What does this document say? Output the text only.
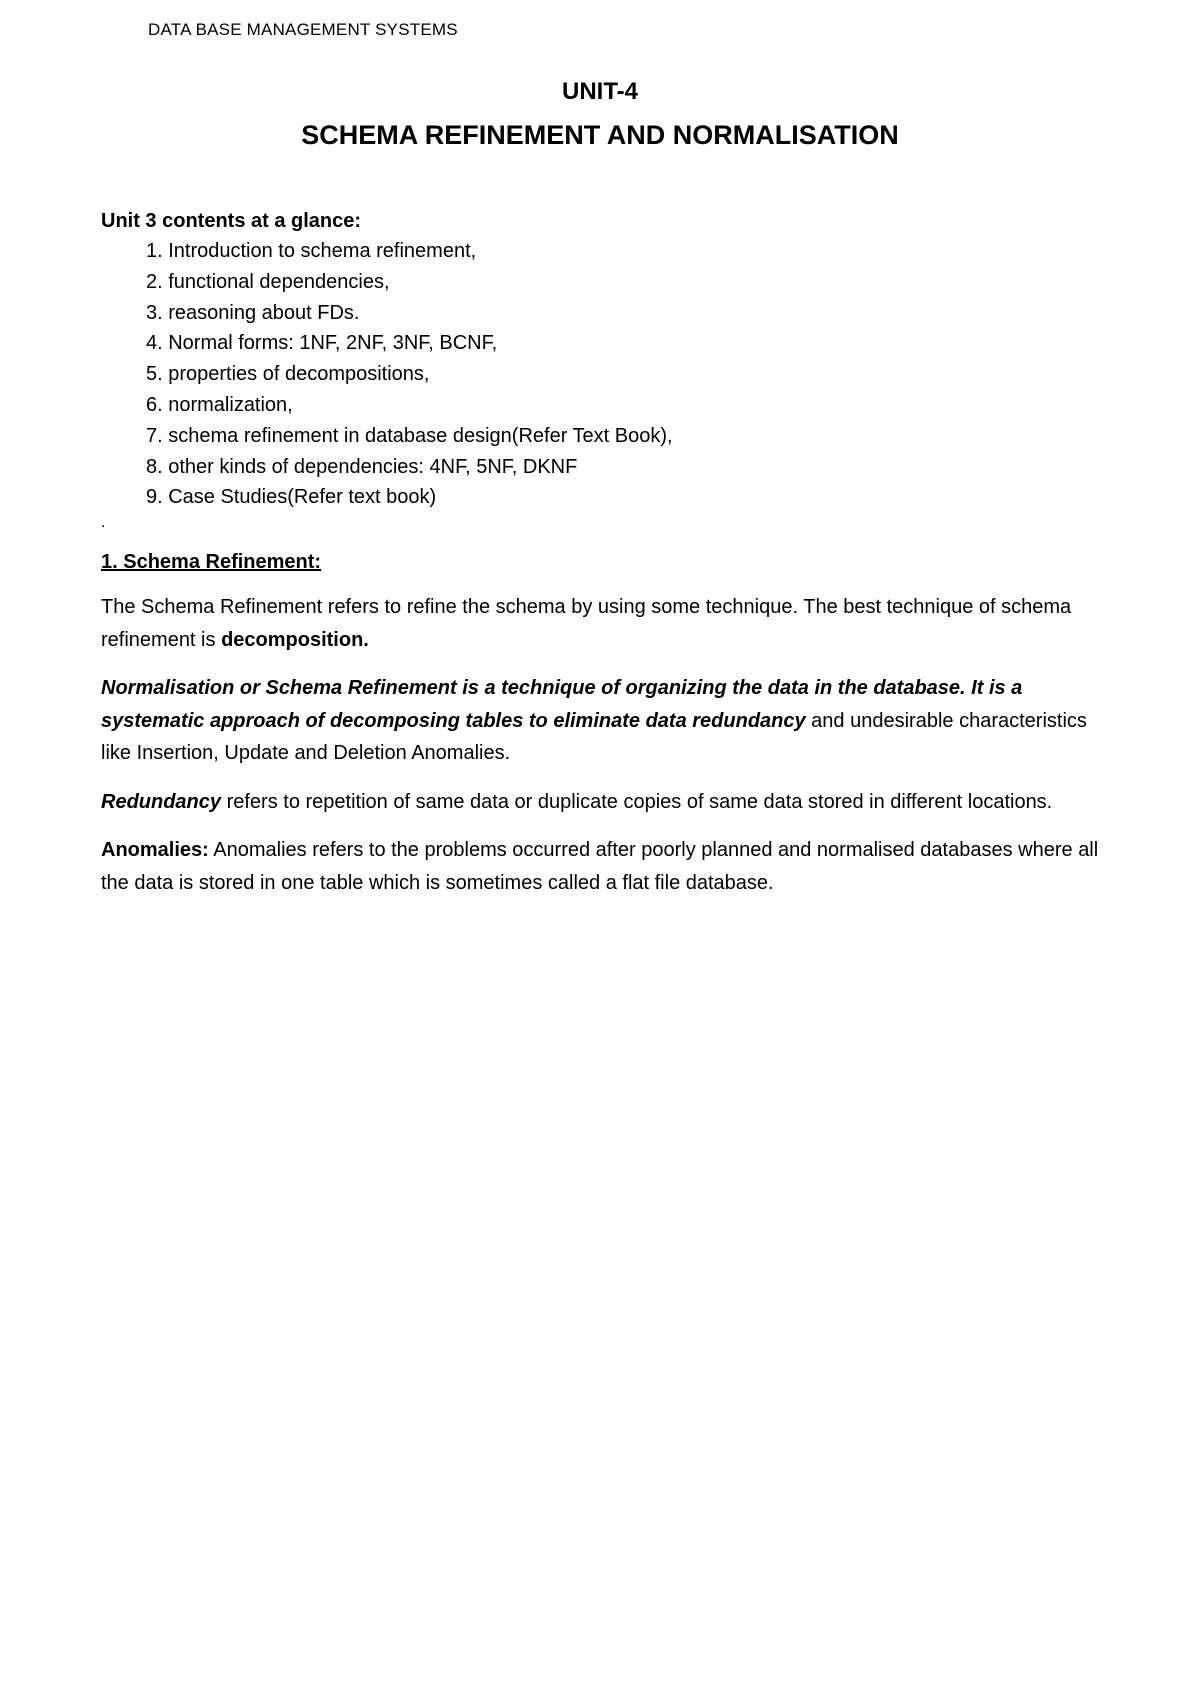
DATA BASE MANAGEMENT SYSTEMS
UNIT-4
SCHEMA REFINEMENT AND NORMALISATION
Unit 3 contents at a glance:
1. Introduction to schema refinement,
2. functional dependencies,
3. reasoning about FDs.
4. Normal forms: 1NF, 2NF, 3NF, BCNF,
5. properties of decompositions,
6. normalization,
7. schema refinement in database design(Refer Text Book),
8. other kinds of dependencies: 4NF, 5NF, DKNF
9. Case Studies(Refer text book)
.
1. Schema Refinement:

The Schema Refinement refers to refine the schema by using some technique. The best technique of schema refinement is decomposition.

Normalisation or Schema Refinement is a technique of organizing the data in the database. It is a systematic approach of decomposing tables to eliminate data redundancy and undesirable characteristics like Insertion, Update and Deletion Anomalies.

Redundancy refers to repetition of same data or duplicate copies of same data stored in different locations.

Anomalies: Anomalies refers to the problems occurred after poorly planned and normalised databases where all the data is stored in one table which is sometimes called a flat file database.
